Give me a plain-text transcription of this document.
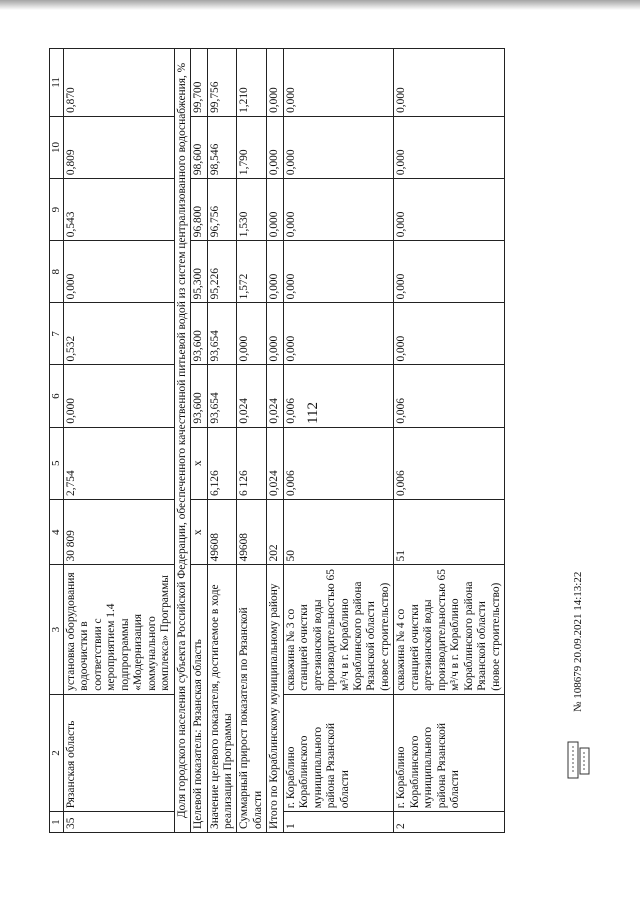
112
1	2	3	4	5	6	7	8	9	10	11
35	Рязанская область	установка оборудования водоочистки в соответствии с мероприятием 1.4 подпрограммы «Модернизация коммунального комплекса» Программы	30 809	2,754	0,000	0,532	0,000	0,543	0,809	0,870
Доля городского населения субъекта Российской Федерации, обеспеченного качественной питьевой водой из систем централизованного водоснабжения, %										
Целевой показатель: Рязанская область			х	х	93,600	93,600	95,300	96,800	98,600	99,700
Значение целевого показателя, достигаемое в ходе реализации Программы			49608	6,126	93,654	93,654	95,226	96,756	98,546	99,756
Суммарный прирост показателя по Рязанской области			49608	6 126	0,024	0,000	1,572	1,530	1,790	1,210
Итого по Кораблинскому муниципальному району			202	0,024	0,024	0,000	0,000	0,000	0,000	0,000
1	г. Кораблино Кораблинского муниципального района Рязанской области	скважина № 3 со станцией очистки артезианской воды производительностью 65 м³/ч в г. Кораблино Кораблинского района Рязанской области (новое строительство)	50	0,006	0,006	0,000	0,000	0,000	0,000	0,000
2	г. Кораблино Кораблинского муниципального района Рязанской области	скважина № 4 со станцией очистки артезианской воды производительностью 65 м³/ч в г. Кораблино Кораблинского района Рязанской области (новое строительство)	51	0,006	0,006	0,000	0,000	0,000	0,000	0,000
№ 108679 20.09.2021 14:13:22
